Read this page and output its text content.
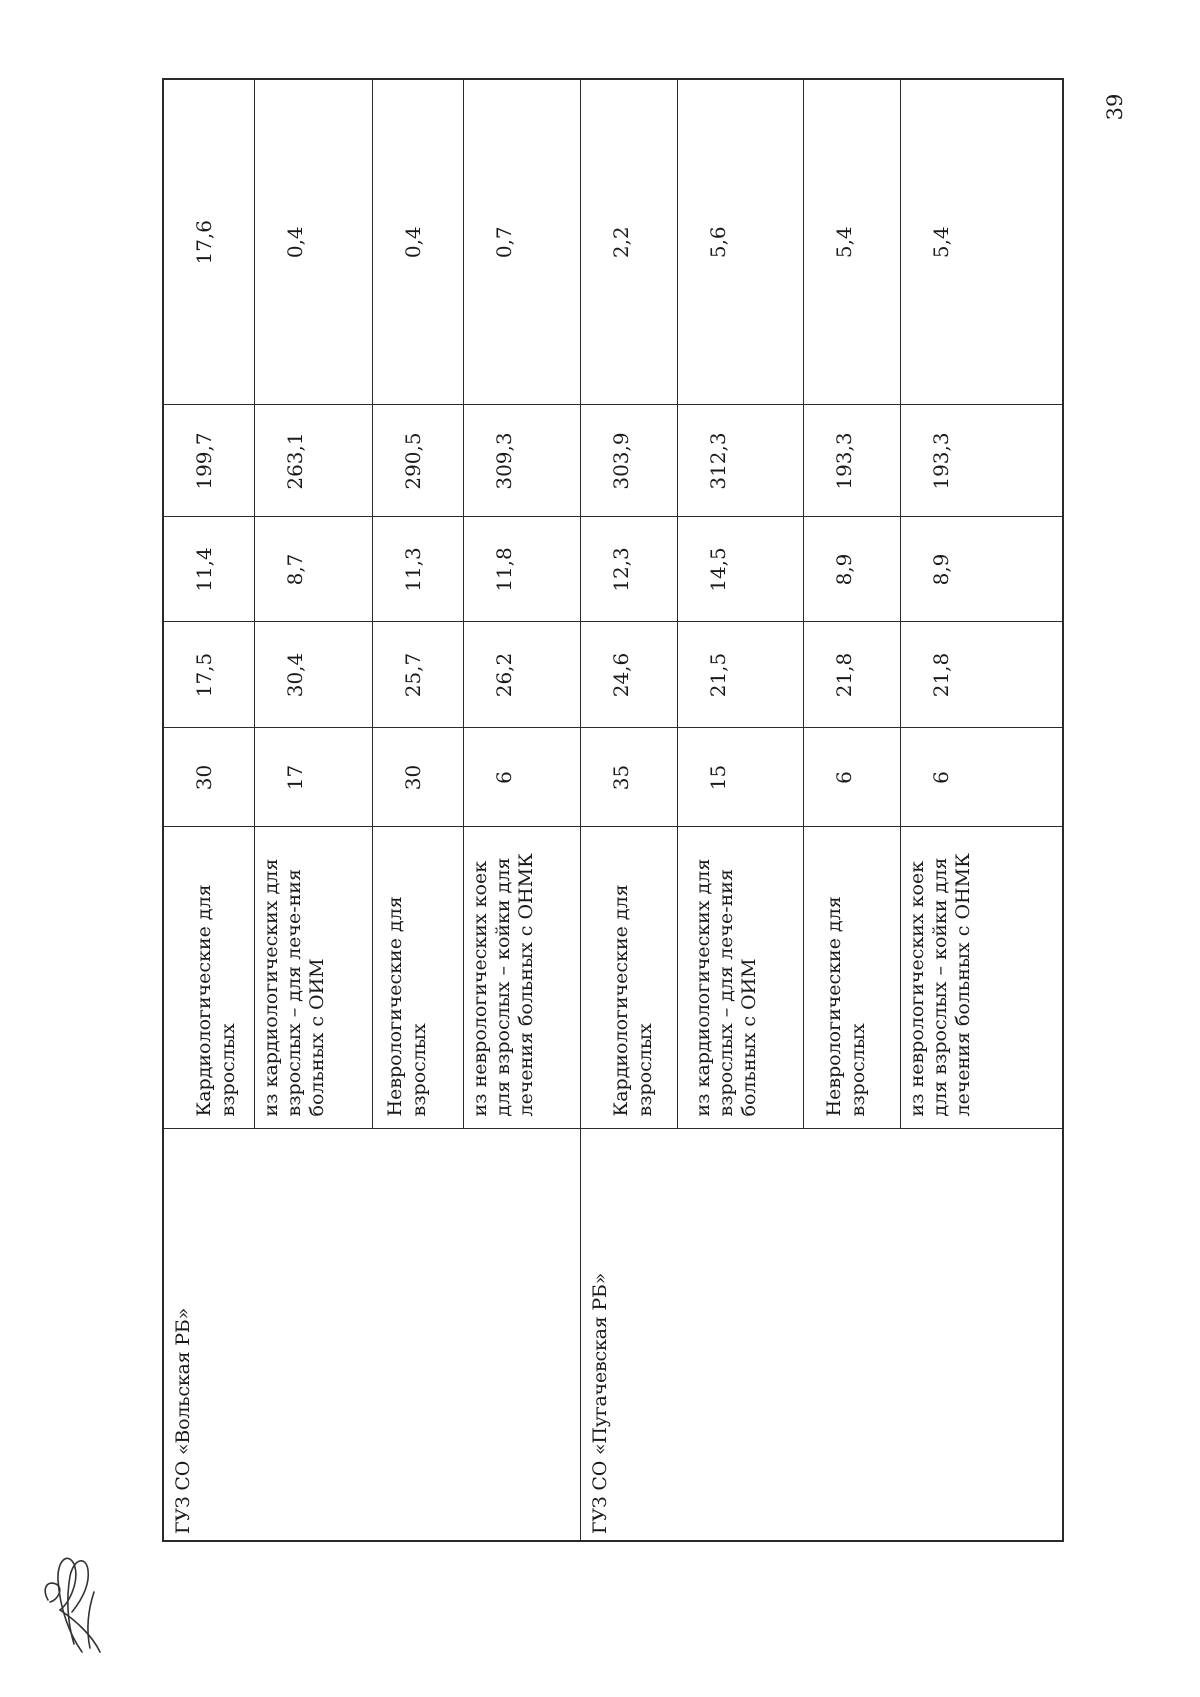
ГУЗ СО «Вольская РБ»	Кардиологические для взрослых	30	17,5	11,4	199,7	17,6
	из кардиологических для взрослых – для лече-ния больных с ОИМ	17	30,4	8,7	263,1	0,4
	Неврологические для взрослых	30	25,7	11,3	290,5	0,4
	из неврологических коек для взрослых – койки для лечения больных с ОНМК	6	26,2	11,8	309,3	0,7
ГУЗ СО «Пугачевская РБ»	Кардиологические для взрослых	35	24,6	12,3	303,9	2,2
	из кардиологических для взрослых – для лече-ния больных с ОИМ	15	21,5	14,5	312,3	5,6
	Неврологические для взрослых	6	21,8	8,9	193,3	5,4
	из неврологических коек для взрослых – койки для лечения больных с ОНМК	6	21,8	8,9	193,3	5,4
39
